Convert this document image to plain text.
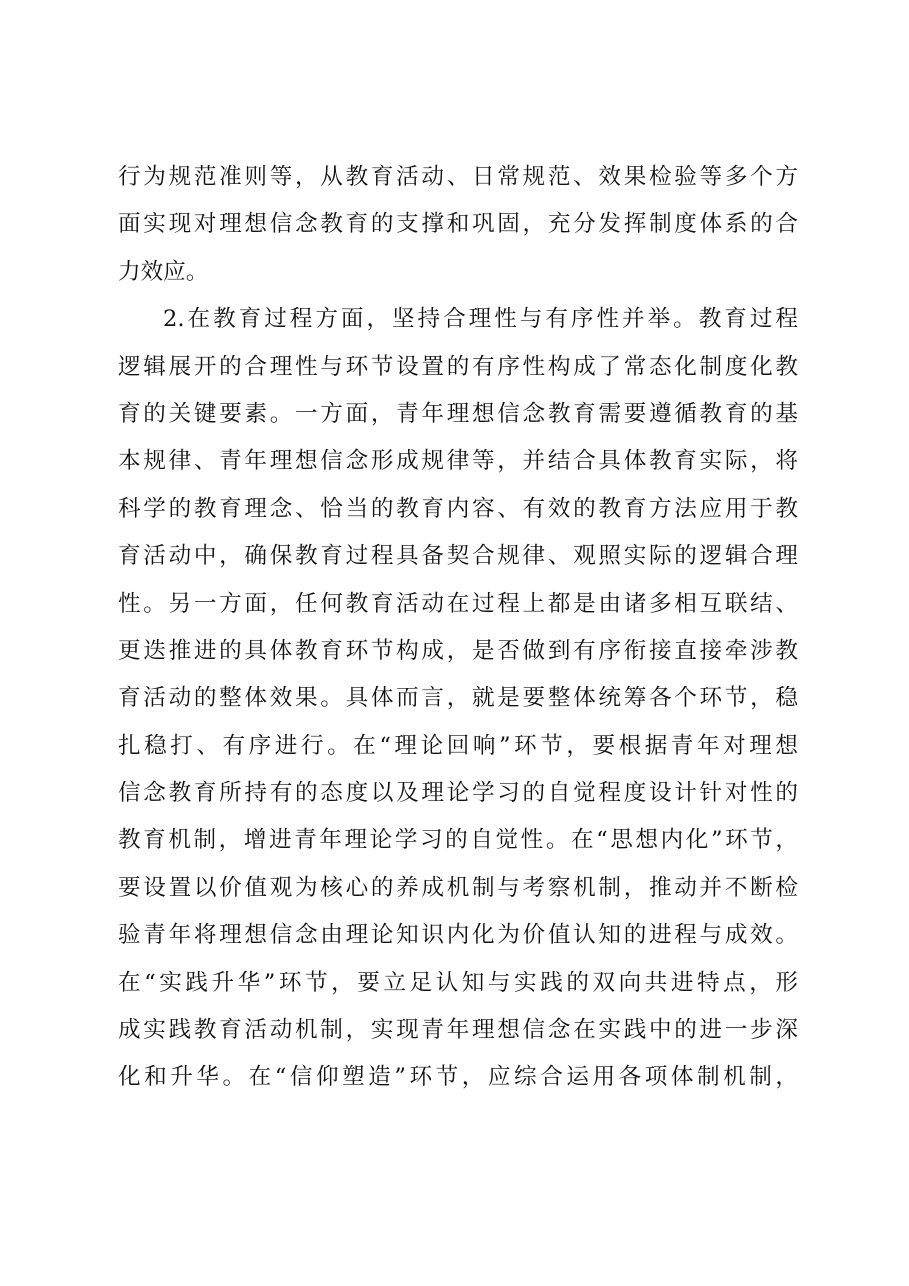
行为规范准则等，从教育活动、日常规范、效果检验等多个方
面实现对理想信念教育的支撑和巩固，充分发挥制度体系的合
力效应。
2.在教育过程方面，坚持合理性与有序性并举。教育过程
逻辑展开的合理性与环节设置的有序性构成了常态化制度化教
育的关键要素。一方面，青年理想信念教育需要遵循教育的基
本规律、青年理想信念形成规律等，并结合具体教育实际，将
科学的教育理念、恰当的教育内容、有效的教育方法应用于教
育活动中，确保教育过程具备契合规律、观照实际的逻辑合理
性。另一方面，任何教育活动在过程上都是由诸多相互联结、
更迭推进的具体教育环节构成，是否做到有序衔接直接牵涉教
育活动的整体效果。具体而言，就是要整体统筹各个环节，稳
扎稳打、有序进行。在“理论回响”环节，要根据青年对理想
信念教育所持有的态度以及理论学习的自觉程度设计针对性的
教育机制，增进青年理论学习的自觉性。在“思想内化”环节，
要设置以价值观为核心的养成机制与考察机制，推动并不断检
验青年将理想信念由理论知识内化为价值认知的进程与成效。
在“实践升华”环节，要立足认知与实践的双向共进特点，形
成实践教育活动机制，实现青年理想信念在实践中的进一步深
化和升华。在“信仰塑造”环节，应综合运用各项体制机制，
